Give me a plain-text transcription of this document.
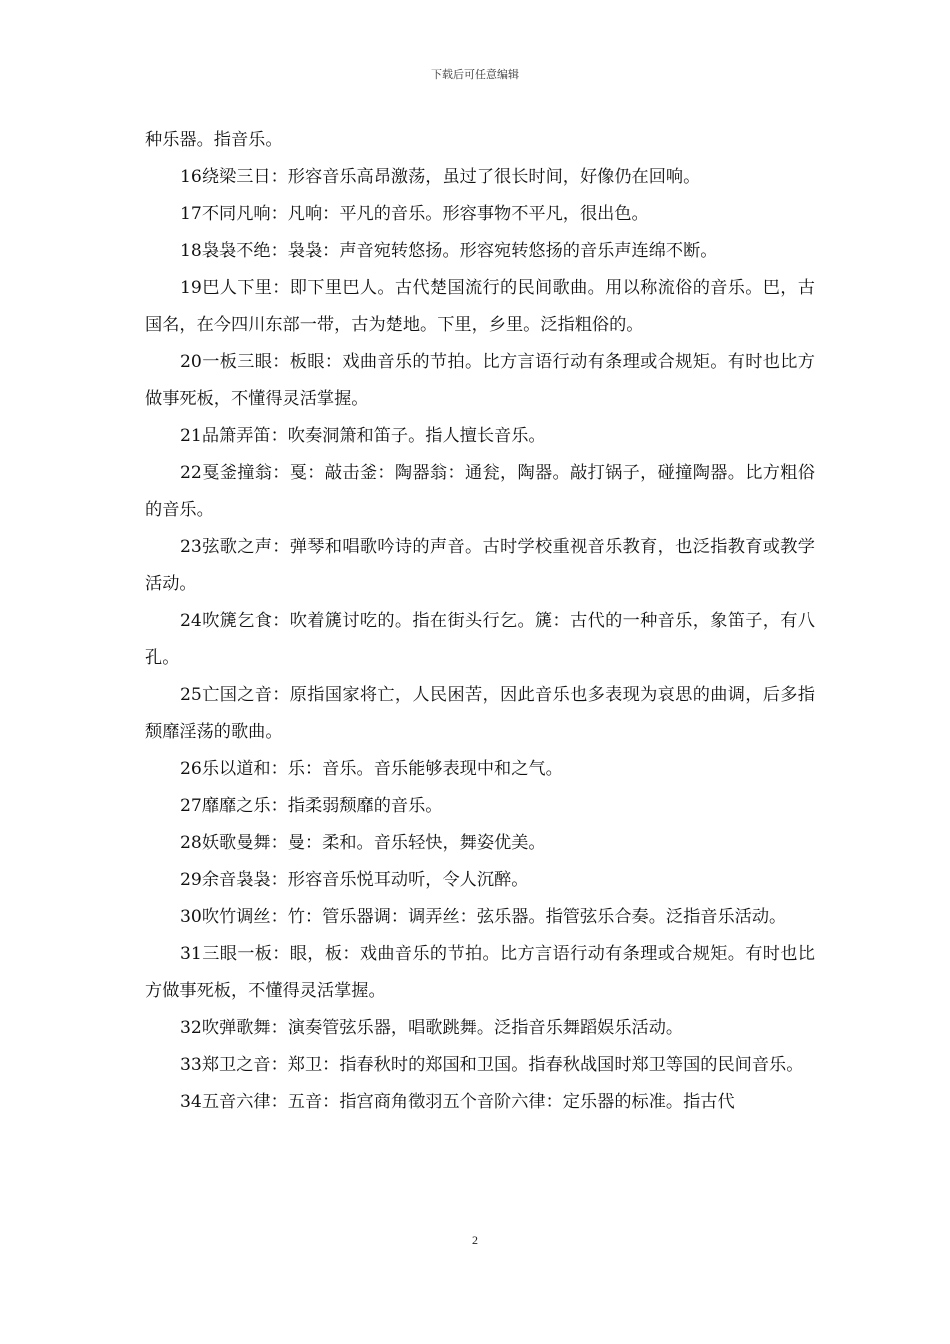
下载后可任意编辑

种乐器。指音乐。

16绕梁三日：形容音乐高昂激荡，虽过了很长时间，好像仍在回响。

17不同凡响：凡响：平凡的音乐。形容事物不平凡，很出色。

18袅袅不绝：袅袅：声音宛转悠扬。形容宛转悠扬的音乐声连绵不断。

19巴人下里：即下里巴人。古代楚国流行的民间歌曲。用以称流俗的音乐。巴，古国名，在今四川东部一带，古为楚地。下里，乡里。泛指粗俗的。

20一板三眼：板眼：戏曲音乐的节拍。比方言语行动有条理或合规矩。有时也比方做事死板，不懂得灵活掌握。

21品箫弄笛：吹奏洞箫和笛子。指人擅长音乐。

22戛釜撞翁：戛：敲击釜：陶器翁：通瓮，陶器。敲打锅子，碰撞陶器。比方粗俗的音乐。

23弦歌之声：弹琴和唱歌吟诗的声音。古时学校重视音乐教育，也泛指教育或教学活动。

24吹篪乞食：吹着篪讨吃的。指在街头行乞。篪：古代的一种音乐，象笛子，有八孔。

25亡国之音：原指国家将亡，人民困苦，因此音乐也多表现为哀思的曲调，后多指颓靡淫荡的歌曲。

26乐以道和：乐：音乐。音乐能够表现中和之气。

27靡靡之乐：指柔弱颓靡的音乐。

28妖歌曼舞：曼：柔和。音乐轻快，舞姿优美。

29余音袅袅：形容音乐悦耳动听，令人沉醉。

30吹竹调丝：竹：管乐器调：调弄丝：弦乐器。指管弦乐合奏。泛指音乐活动。

31三眼一板：眼，板：戏曲音乐的节拍。比方言语行动有条理或合规矩。有时也比方做事死板，不懂得灵活掌握。

32吹弹歌舞：演奏管弦乐器，唱歌跳舞。泛指音乐舞蹈娱乐活动。

33郑卫之音：郑卫：指春秋时的郑国和卫国。指春秋战国时郑卫等国的民间音乐。

34五音六律：五音：指宫商角徵羽五个音阶六律：定乐器的标准。指古代

2
